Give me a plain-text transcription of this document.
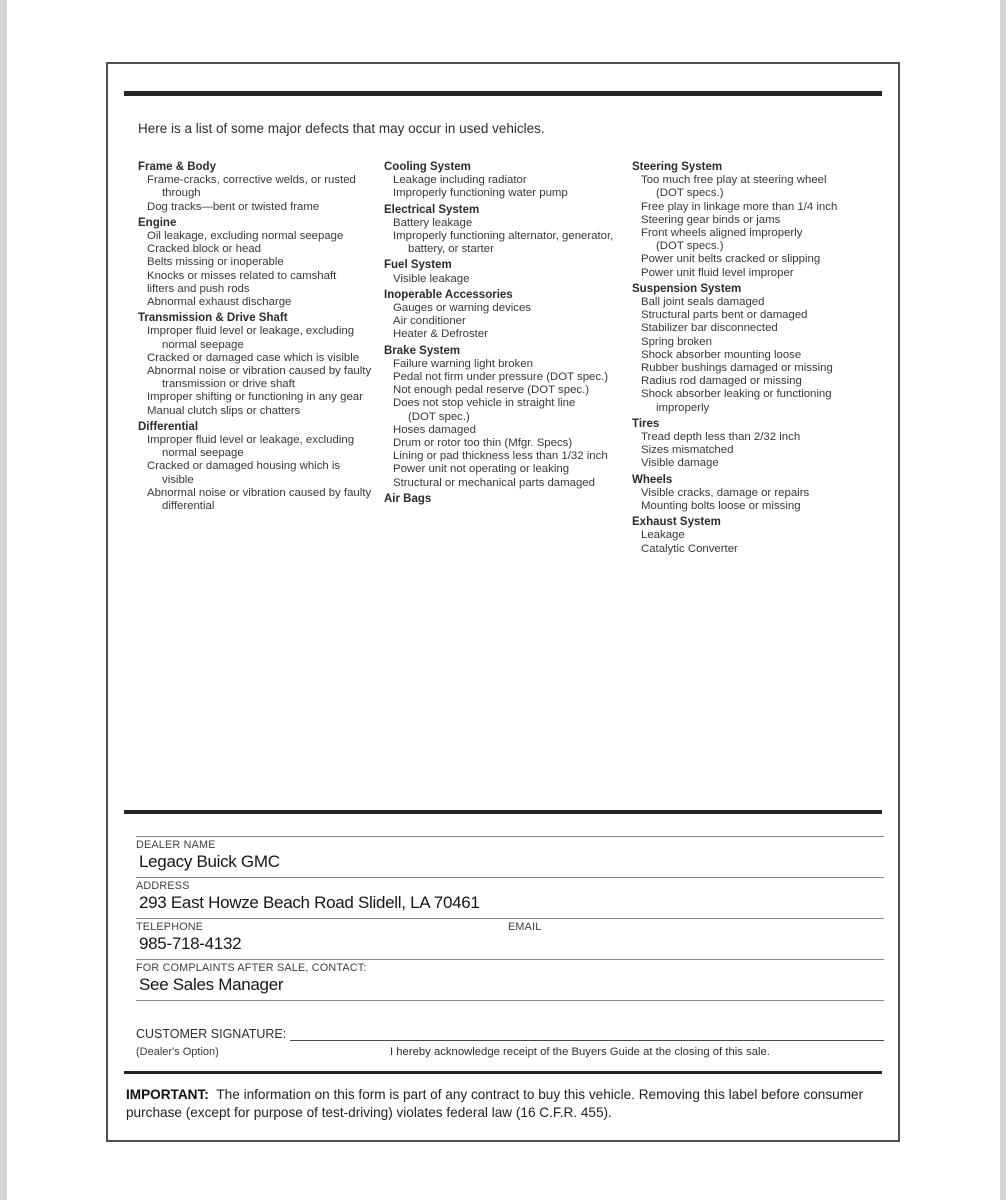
Here is a list of some major defects that may occur in used vehicles.

Frame & Body
Frame-cracks, corrective welds, or rusted
through
Dog tracks—bent or twisted frame
Engine
Oil leakage, excluding normal seepage
Cracked block or head
Belts missing or inoperable
Knocks or misses related to camshaft
lifters and push rods
Abnormal exhaust discharge
Transmission & Drive Shaft
Improper fluid level or leakage, excluding
normal seepage
Cracked or damaged case which is visible
Abnormal noise or vibration caused by faulty
transmission or drive shaft
Improper shifting or functioning in any gear
Manual clutch slips or chatters
Differential
Improper fluid level or leakage, excluding
normal seepage
Cracked or damaged housing which is
visible
Abnormal noise or vibration caused by faulty
differential
Cooling System
Leakage including radiator
Improperly functioning water pump
Electrical System
Battery leakage
Improperly functioning alternator, generator,
battery, or starter
Fuel System
Visible leakage
Inoperable Accessories
Gauges or warning devices
Air conditioner
Heater & Defroster
Brake System
Failure warning light broken
Pedal not firm under pressure (DOT spec.)
Not enough pedal reserve (DOT spec.)
Does not stop vehicle in straight line
(DOT spec.)
Hoses damaged
Drum or rotor too thin (Mfgr. Specs)
Lining or pad thickness less than 1/32 inch
Power unit not operating or leaking
Structural or mechanical parts damaged
Air Bags
Steering System
Too much free play at steering wheel
(DOT specs.)
Free play in linkage more than 1/4 inch
Steering gear binds or jams
Front wheels aligned improperly
(DOT specs.)
Power unit belts cracked or slipping
Power unit fluid level improper
Suspension System
Ball joint seals damaged
Structural parts bent or damaged
Stabilizer bar disconnected
Spring broken
Shock absorber mounting loose
Rubber bushings damaged or missing
Radius rod damaged or missing
Shock absorber leaking or functioning
improperly
Tires
Tread depth less than 2/32 inch
Sizes mismatched
Visible damage
Wheels
Visible cracks, damage or repairs
Mounting bolts loose or missing
Exhaust System
Leakage
Catalytic Converter
DEALER NAME
Legacy Buick GMC
ADDRESS
293 East Howze Beach Road Slidell, LA 70461
TELEPHONE	EMAIL
985-718-4132
FOR COMPLAINTS AFTER SALE, CONTACT:
See Sales Manager
CUSTOMER SIGNATURE:
(Dealer's Option)	I hereby acknowledge receipt of the Buyers Guide at the closing of this sale.

IMPORTANT: The information on this form is part of any contract to buy this vehicle. Removing this label before consumer purchase (except for purpose of test-driving) violates federal law (16 C.F.R. 455).
